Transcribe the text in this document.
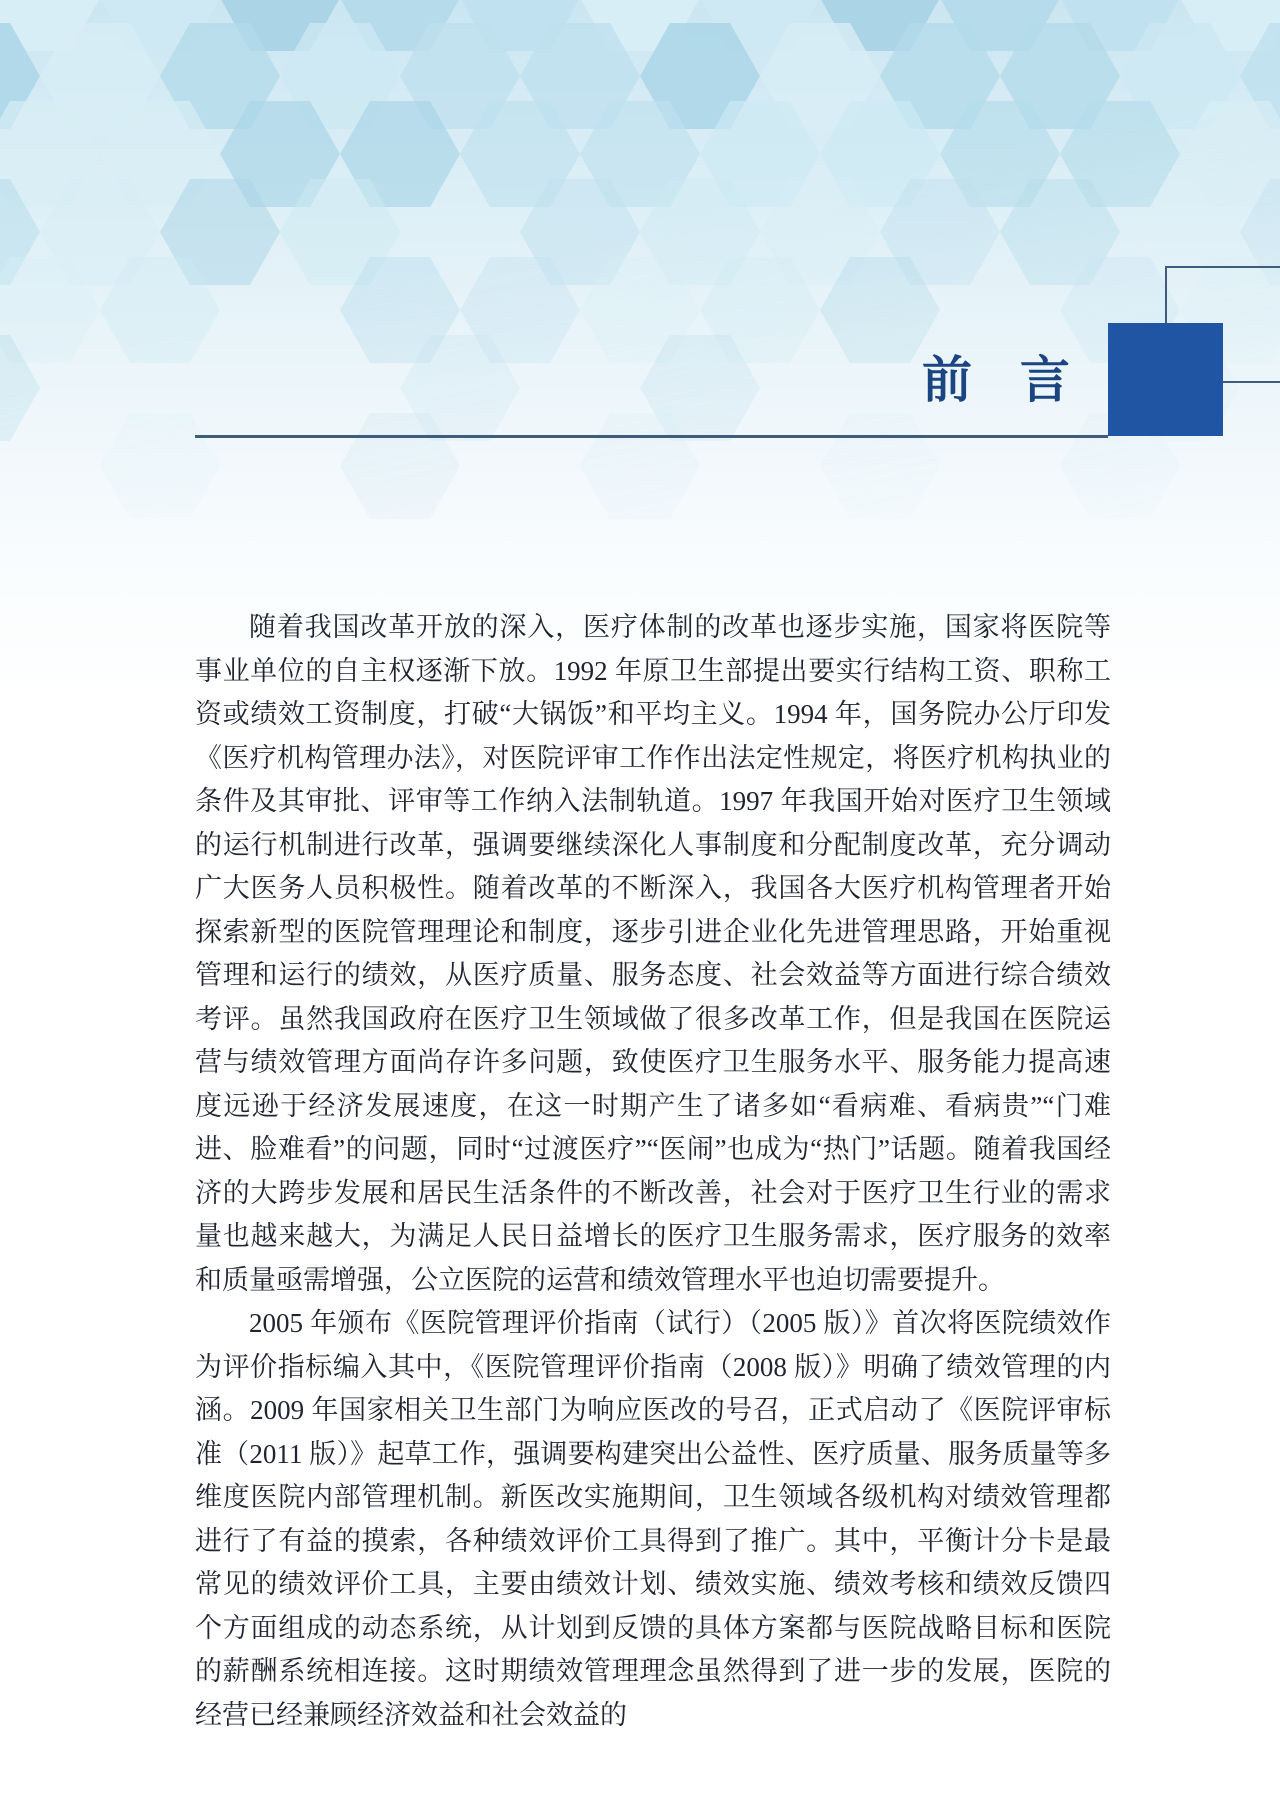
前 言

随着我国改革开放的深入，医疗体制的改革也逐步实施，国家将医院等事业单位的自主权逐渐下放。1992 年原卫生部提出要实行结构工资、职称工资或绩效工资制度，打破“大锅饭”和平均主义。1994 年，国务院办公厅印发《医疗机构管理办法》，对医院评审工作作出法定性规定，将医疗机构执业的条件及其审批、评审等工作纳入法制轨道。1997 年我国开始对医疗卫生领域的运行机制进行改革，强调要继续深化人事制度和分配制度改革，充分调动广大医务人员积极性。随着改革的不断深入，我国各大医疗机构管理者开始探索新型的医院管理理论和制度，逐步引进企业化先进管理思路，开始重视管理和运行的绩效，从医疗质量、服务态度、社会效益等方面进行综合绩效考评。虽然我国政府在医疗卫生领域做了很多改革工作，但是我国在医院运营与绩效管理方面尚存许多问题，致使医疗卫生服务水平、服务能力提高速度远逊于经济发展速度，在这一时期产生了诸多如“看病难、看病贵”“门难进、脸难看”的问题，同时“过渡医疗”“医闹”也成为“热门”话题。随着我国经济的大跨步发展和居民生活条件的不断改善，社会对于医疗卫生行业的需求量也越来越大，为满足人民日益增长的医疗卫生服务需求，医疗服务的效率和质量亟需增强，公立医院的运营和绩效管理水平也迫切需要提升。

2005 年颁布《医院管理评价指南（试行）（2005 版）》首次将医院绩效作为评价指标编入其中，《医院管理评价指南（2008 版）》明确了绩效管理的内涵。2009 年国家相关卫生部门为响应医改的号召，正式启动了《医院评审标准（2011 版）》起草工作，强调要构建突出公益性、医疗质量、服务质量等多维度医院内部管理机制。新医改实施期间，卫生领域各级机构对绩效管理都进行了有益的摸索，各种绩效评价工具得到了推广。其中，平衡计分卡是最常见的绩效评价工具，主要由绩效计划、绩效实施、绩效考核和绩效反馈四个方面组成的动态系统，从计划到反馈的具体方案都与医院战略目标和医院的薪酬系统相连接。这时期绩效管理理念虽然得到了进一步的发展，医院的经营已经兼顾经济效益和社会效益的
